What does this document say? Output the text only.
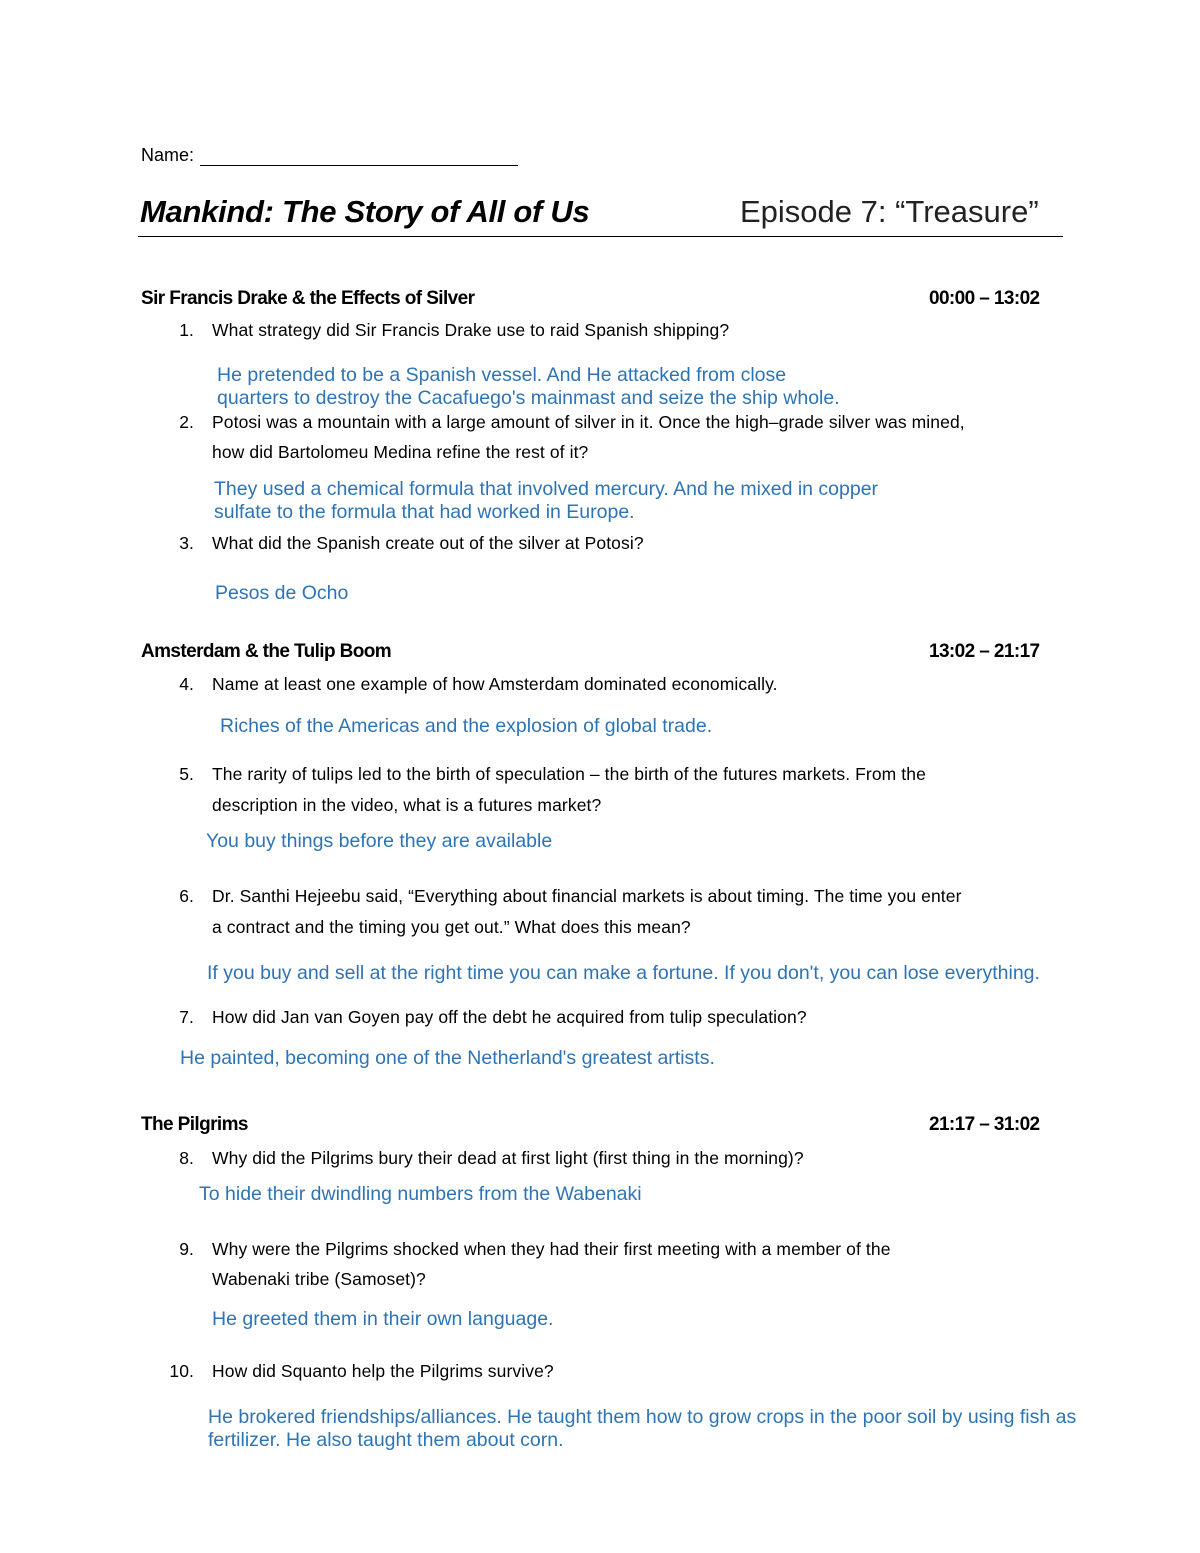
Name:
Mankind: The Story of All of Us	Episode 7: “Treasure”
Sir Francis Drake & the Effects of Silver	00:00 – 13:02
1. What strategy did Sir Francis Drake use to raid Spanish shipping?
He pretended to be a Spanish vessel. And He attacked from close
quarters to destroy the Cacafuego's mainmast and seize the ship whole.
2. Potosi was a mountain with a large amount of silver in it. Once the high–grade silver was mined,
how did Bartolomeu Medina refine the rest of it?
They used a chemical formula that involved mercury. And he mixed in copper
sulfate to the formula that had worked in Europe.
3. What did the Spanish create out of the silver at Potosi?
Pesos de Ocho
Amsterdam & the Tulip Boom	13:02 – 21:17
4. Name at least one example of how Amsterdam dominated economically.
Riches of the Americas and the explosion of global trade.
5. The rarity of tulips led to the birth of speculation – the birth of the futures markets. From the
description in the video, what is a futures market?
You buy things before they are available
6. Dr. Santhi Hejeebu said, “Everything about financial markets is about timing. The time you enter
a contract and the timing you get out.” What does this mean?
If you buy and sell at the right time you can make a fortune. If you don't, you can lose everything.
7. How did Jan van Goyen pay off the debt he acquired from tulip speculation?
He painted, becoming one of the Netherland's greatest artists.
The Pilgrims	21:17 – 31:02
8. Why did the Pilgrims bury their dead at first light (first thing in the morning)?
To hide their dwindling numbers from the Wabenaki
9. Why were the Pilgrims shocked when they had their first meeting with a member of the
Wabenaki tribe (Samoset)?
He greeted them in their own language.
10. How did Squanto help the Pilgrims survive?
He brokered friendships/alliances. He taught them how to grow crops in the poor soil by using fish as
fertilizer. He also taught them about corn.
